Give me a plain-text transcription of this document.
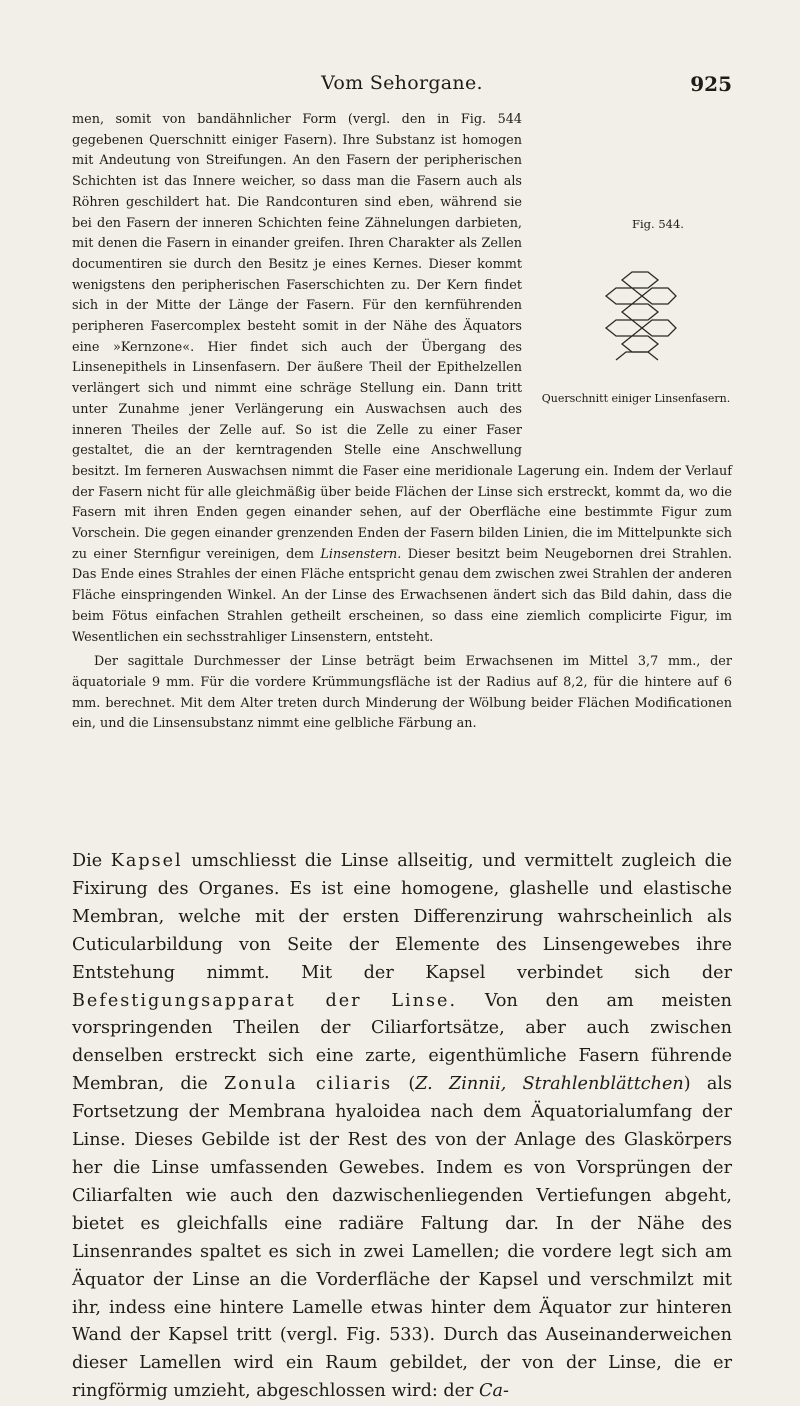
Vom Sehorgane.	925
Fig. 544.
Querschnitt einiger Linsenfasern.

men, somit von bandähnlicher Form (vergl. den in Fig. 544 gegebenen Querschnitt einiger Fasern). Ihre Substanz ist homogen mit Andeutung von Streifungen. An den Fasern der peripherischen Schichten ist das Innere weicher, so dass man die Fasern auch als Röhren geschildert hat. Die Randconturen sind eben, während sie bei den Fasern der inneren Schichten feine Zähnelungen darbieten, mit denen die Fasern in einander greifen. Ihren Charakter als Zellen documentiren sie durch den Besitz je eines Kernes. Dieser kommt wenigstens den peripherischen Faserschichten zu. Der Kern findet sich in der Mitte der Länge der Fasern. Für den kernführenden peripheren Fasercomplex besteht somit in der Nähe des Äquators eine »Kernzone«. Hier findet sich auch der Übergang des Linsenepithels in Linsenfasern. Der äußere Theil der Epithelzellen verlängert sich und nimmt eine schräge Stellung ein. Dann tritt unter Zunahme jener Verlängerung ein Auswachsen auch des inneren Theiles der Zelle auf. So ist die Zelle zu einer Faser gestaltet, die an der kerntragenden Stelle eine Anschwellung besitzt. Im ferneren Auswachsen nimmt die Faser eine meridionale Lagerung ein. Indem der Verlauf der Fasern nicht für alle gleichmäßig über beide Flächen der Linse sich erstreckt, kommt da, wo die Fasern mit ihren Enden gegen einander sehen, auf der Oberfläche eine bestimmte Figur zum Vorschein. Die gegen einander grenzenden Enden der Fasern bilden Linien, die im Mittelpunkte sich zu einer Sternfigur vereinigen, dem Linsenstern. Dieser besitzt beim Neugebornen drei Strahlen. Das Ende eines Strahles der einen Fläche entspricht genau dem zwischen zwei Strahlen der anderen Fläche einspringenden Winkel. An der Linse des Erwachsenen ändert sich das Bild dahin, dass die beim Fötus einfachen Strahlen getheilt erscheinen, so dass eine ziemlich complicirte Figur, im Wesentlichen ein sechsstrahliger Linsenstern, entsteht.

Der sagittale Durchmesser der Linse beträgt beim Erwachsenen im Mittel 3,7 mm., der äquatoriale 9 mm. Für die vordere Krümmungsfläche ist der Radius auf 8,2, für die hintere auf 6 mm. berechnet. Mit dem Alter treten durch Minderung der Wölbung beider Flächen Modificationen ein, und die Linsensubstanz nimmt eine gelbliche Färbung an.

Die Kapsel umschliesst die Linse allseitig, und vermittelt zugleich die Fixirung des Organes. Es ist eine homogene, glashelle und elastische Membran, welche mit der ersten Differenzirung wahrscheinlich als Cuticularbildung von Seite der Elemente des Linsengewebes ihre Entstehung nimmt. Mit der Kapsel verbindet sich der Befestigungsapparat der Linse. Von den am meisten vorspringenden Theilen der Ciliarfortsätze, aber auch zwischen denselben erstreckt sich eine zarte, eigenthümliche Fasern führende Membran, die Zonula ciliaris (Z. Zinnii, Strahlenblättchen) als Fortsetzung der Membrana hyaloidea nach dem Äquatorialumfang der Linse. Dieses Gebilde ist der Rest des von der Anlage des Glaskörpers her die Linse umfassenden Gewebes. Indem es von Vorsprüngen der Ciliarfalten wie auch den dazwischenliegenden Vertiefungen abgeht, bietet es gleichfalls eine radiäre Faltung dar. In der Nähe des Linsenrandes spaltet es sich in zwei Lamellen; die vordere legt sich am Äquator der Linse an die Vorderfläche der Kapsel und verschmilzt mit ihr, indess eine hintere Lamelle etwas hinter dem Äquator zur hinteren Wand der Kapsel tritt (vergl. Fig. 533). Durch das Auseinanderweichen dieser Lamellen wird ein Raum gebildet, der von der Linse, die er ringförmig umzieht, abgeschlossen wird: der Ca-
